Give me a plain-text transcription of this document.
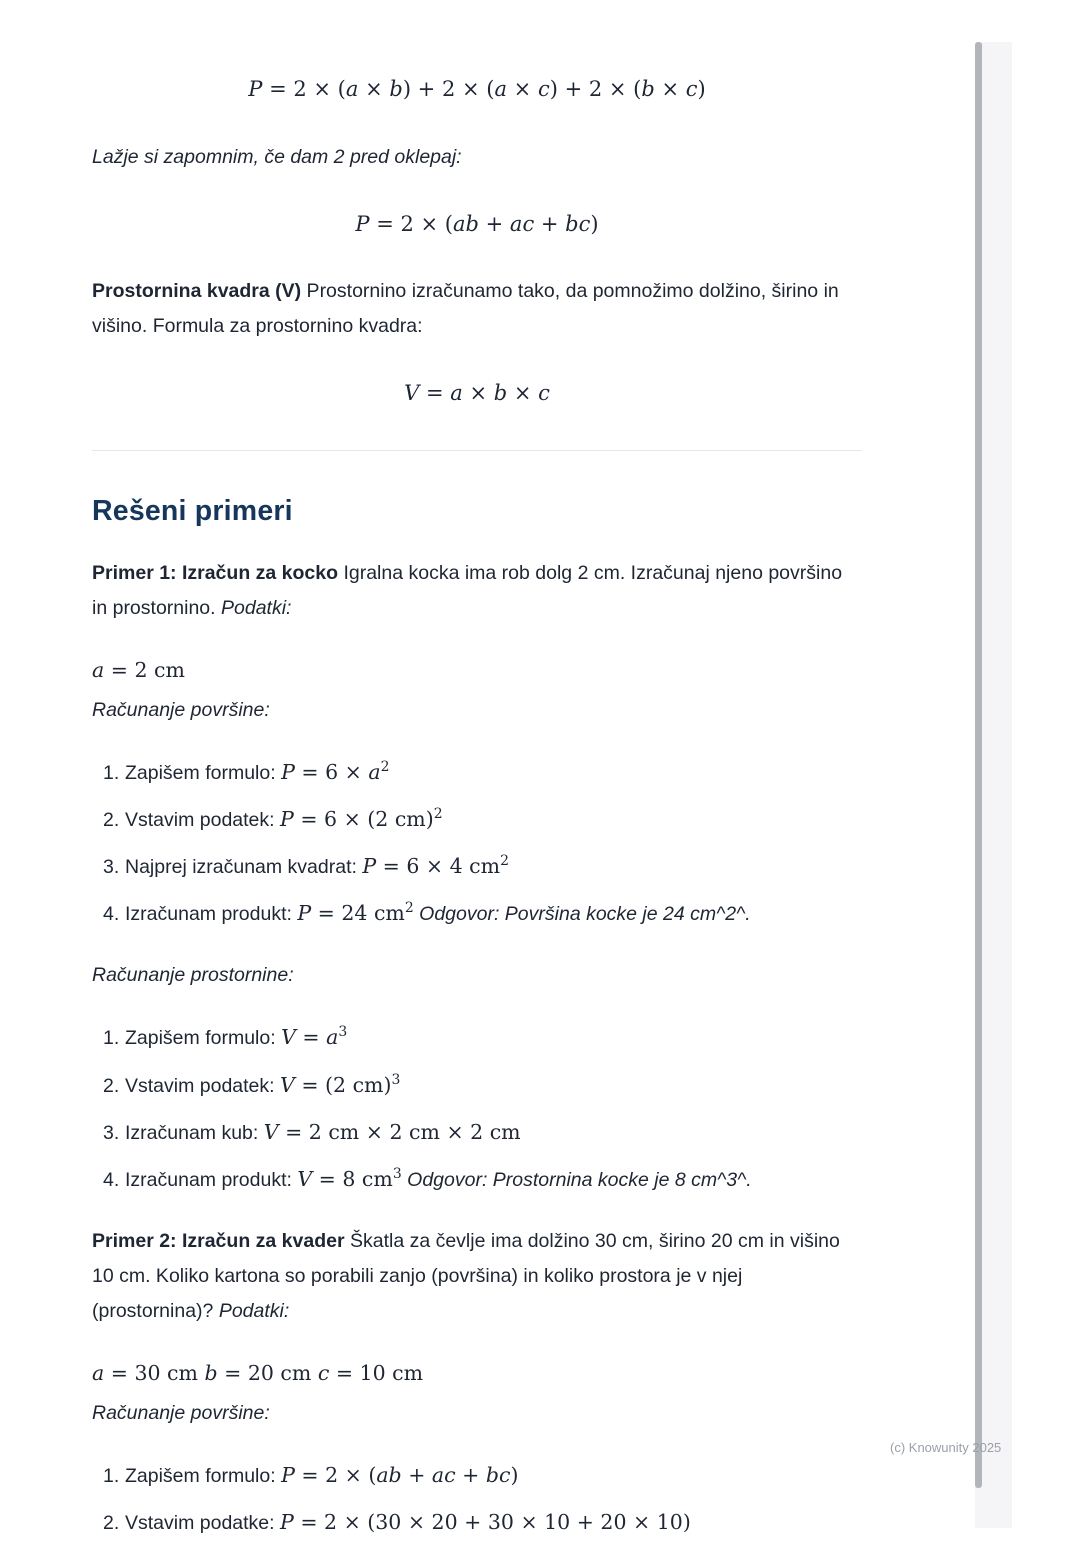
P = 2 × (a × b) + 2 × (a × c) + 2 × (b × c)

Lažje si zapomnim, če dam 2 pred oklepaj:

P = 2 × (ab + ac + bc)

Prostornina kvadra (V) Prostornino izračunamo tako, da pomnožimo dolžino, širino in višino. Formula za prostornino kvadra:

V = a × b × c
Rešeni primeri

Primer 1: Izračun za kocko Igralna kocka ima rob dolg 2 cm. Izračunaj njeno površino in prostornino. Podatki:

a = 2 cm

Računanje površine:

1. Zapišem formulo: $P = 6 \times a^2$
2. Vstavim podatek: P = 6 × (2 cm)$^2$
3. Najprej izračunam kvadrat: P = 6 × 4 $cm^2$
4. Izračunam produkt: P = 24 $cm^2$ Odgovor: Površina kocke je 24 cm^2^.

Računanje prostornine:

1. Zapišem formulo: $V = a^3$
2. Vstavim podatek: V = (2 cm)$^3$
3. Izračunam kub: V = 2 cm × 2 cm × 2 cm
4. Izračunam produkt: V = 8 $cm^3$ Odgovor: Prostornina kocke je 8 cm^3^.

Primer 2: Izračun za kvader Škatla za čevlje ima dolžino 30 cm, širino 20 cm in višino 10 cm. Koliko kartona so porabili zanjo (površina) in koliko prostora je v njej (prostornina)? Podatki:

a = 30 cm b = 20 cm c = 10 cm

Računanje površine:

1. Zapišem formulo: P = 2 × (ab + ac + bc)
2. Vstavim podatke: P = 2 × (30 × 20 + 30 × 10 + 20 × 10)
(c) Knowunity 2025
